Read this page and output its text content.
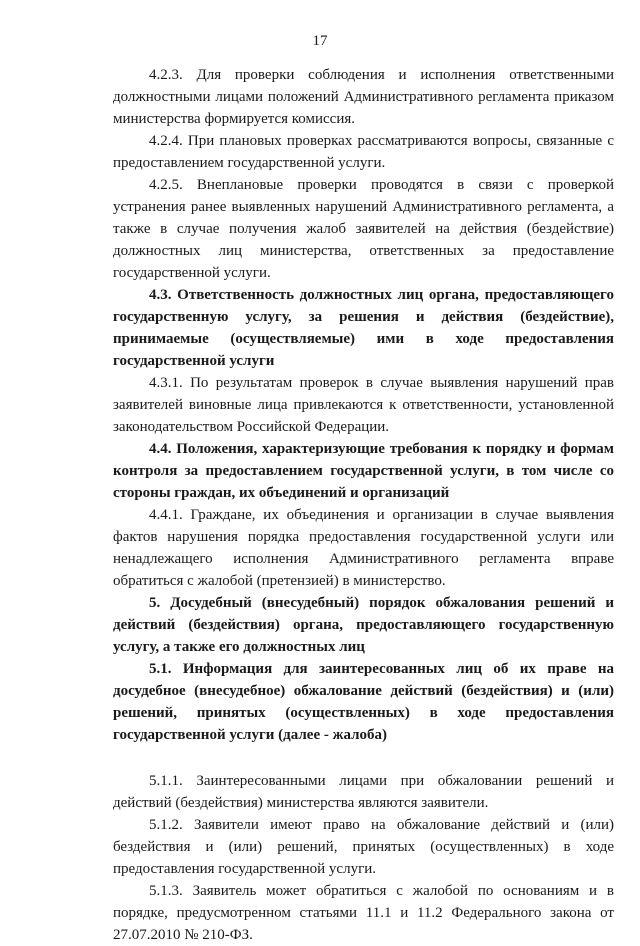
17

4.2.3. Для проверки соблюдения и исполнения ответственными должностными лицами положений Административного регламента приказом министерства формируется комиссия.

4.2.4. При плановых проверках рассматриваются вопросы, связанные с предоставлением государственной услуги.

4.2.5. Внеплановые проверки проводятся в связи с проверкой устранения ранее выявленных нарушений Административного регламента, а также в случае получения жалоб заявителей на действия (бездействие) должностных лиц министерства, ответственных за предоставление государственной услуги.

4.3. Ответственность должностных лиц органа, предоставляющего государственную услугу, за решения и действия (бездействие), принимаемые (осуществляемые) ими в ходе предоставления государственной услуги

4.3.1. По результатам проверок в случае выявления нарушений прав заявителей виновные лица привлекаются к ответственности, установленной законодательством Российской Федерации.

4.4. Положения, характеризующие требования к порядку и формам контроля за предоставлением государственной услуги, в том числе со стороны граждан, их объединений и организаций

4.4.1. Граждане, их объединения и организации в случае выявления фактов нарушения порядка предоставления государственной услуги или ненадлежащего исполнения Административного регламента вправе обратиться с жалобой (претензией) в министерство.

5. Досудебный (внесудебный) порядок обжалования решений и действий (бездействия) органа, предоставляющего государственную услугу, а также его должностных лиц

5.1. Информация для заинтересованных лиц об их праве на досудебное (внесудебное) обжалование действий (бездействия) и (или) решений, принятых (осуществленных) в ходе предоставления государственной услуги (далее - жалоба)

5.1.1. Заинтересованными лицами при обжаловании решений и действий (бездействия) министерства являются заявители.

5.1.2. Заявители имеют право на обжалование действий и (или) бездействия и (или) решений, принятых (осуществленных) в ходе предоставления государственной услуги.

5.1.3. Заявитель может обратиться с жалобой по основаниям и в порядке, предусмотренном статьями 11.1 и 11.2 Федерального закона от 27.07.2010 № 210-ФЗ.
